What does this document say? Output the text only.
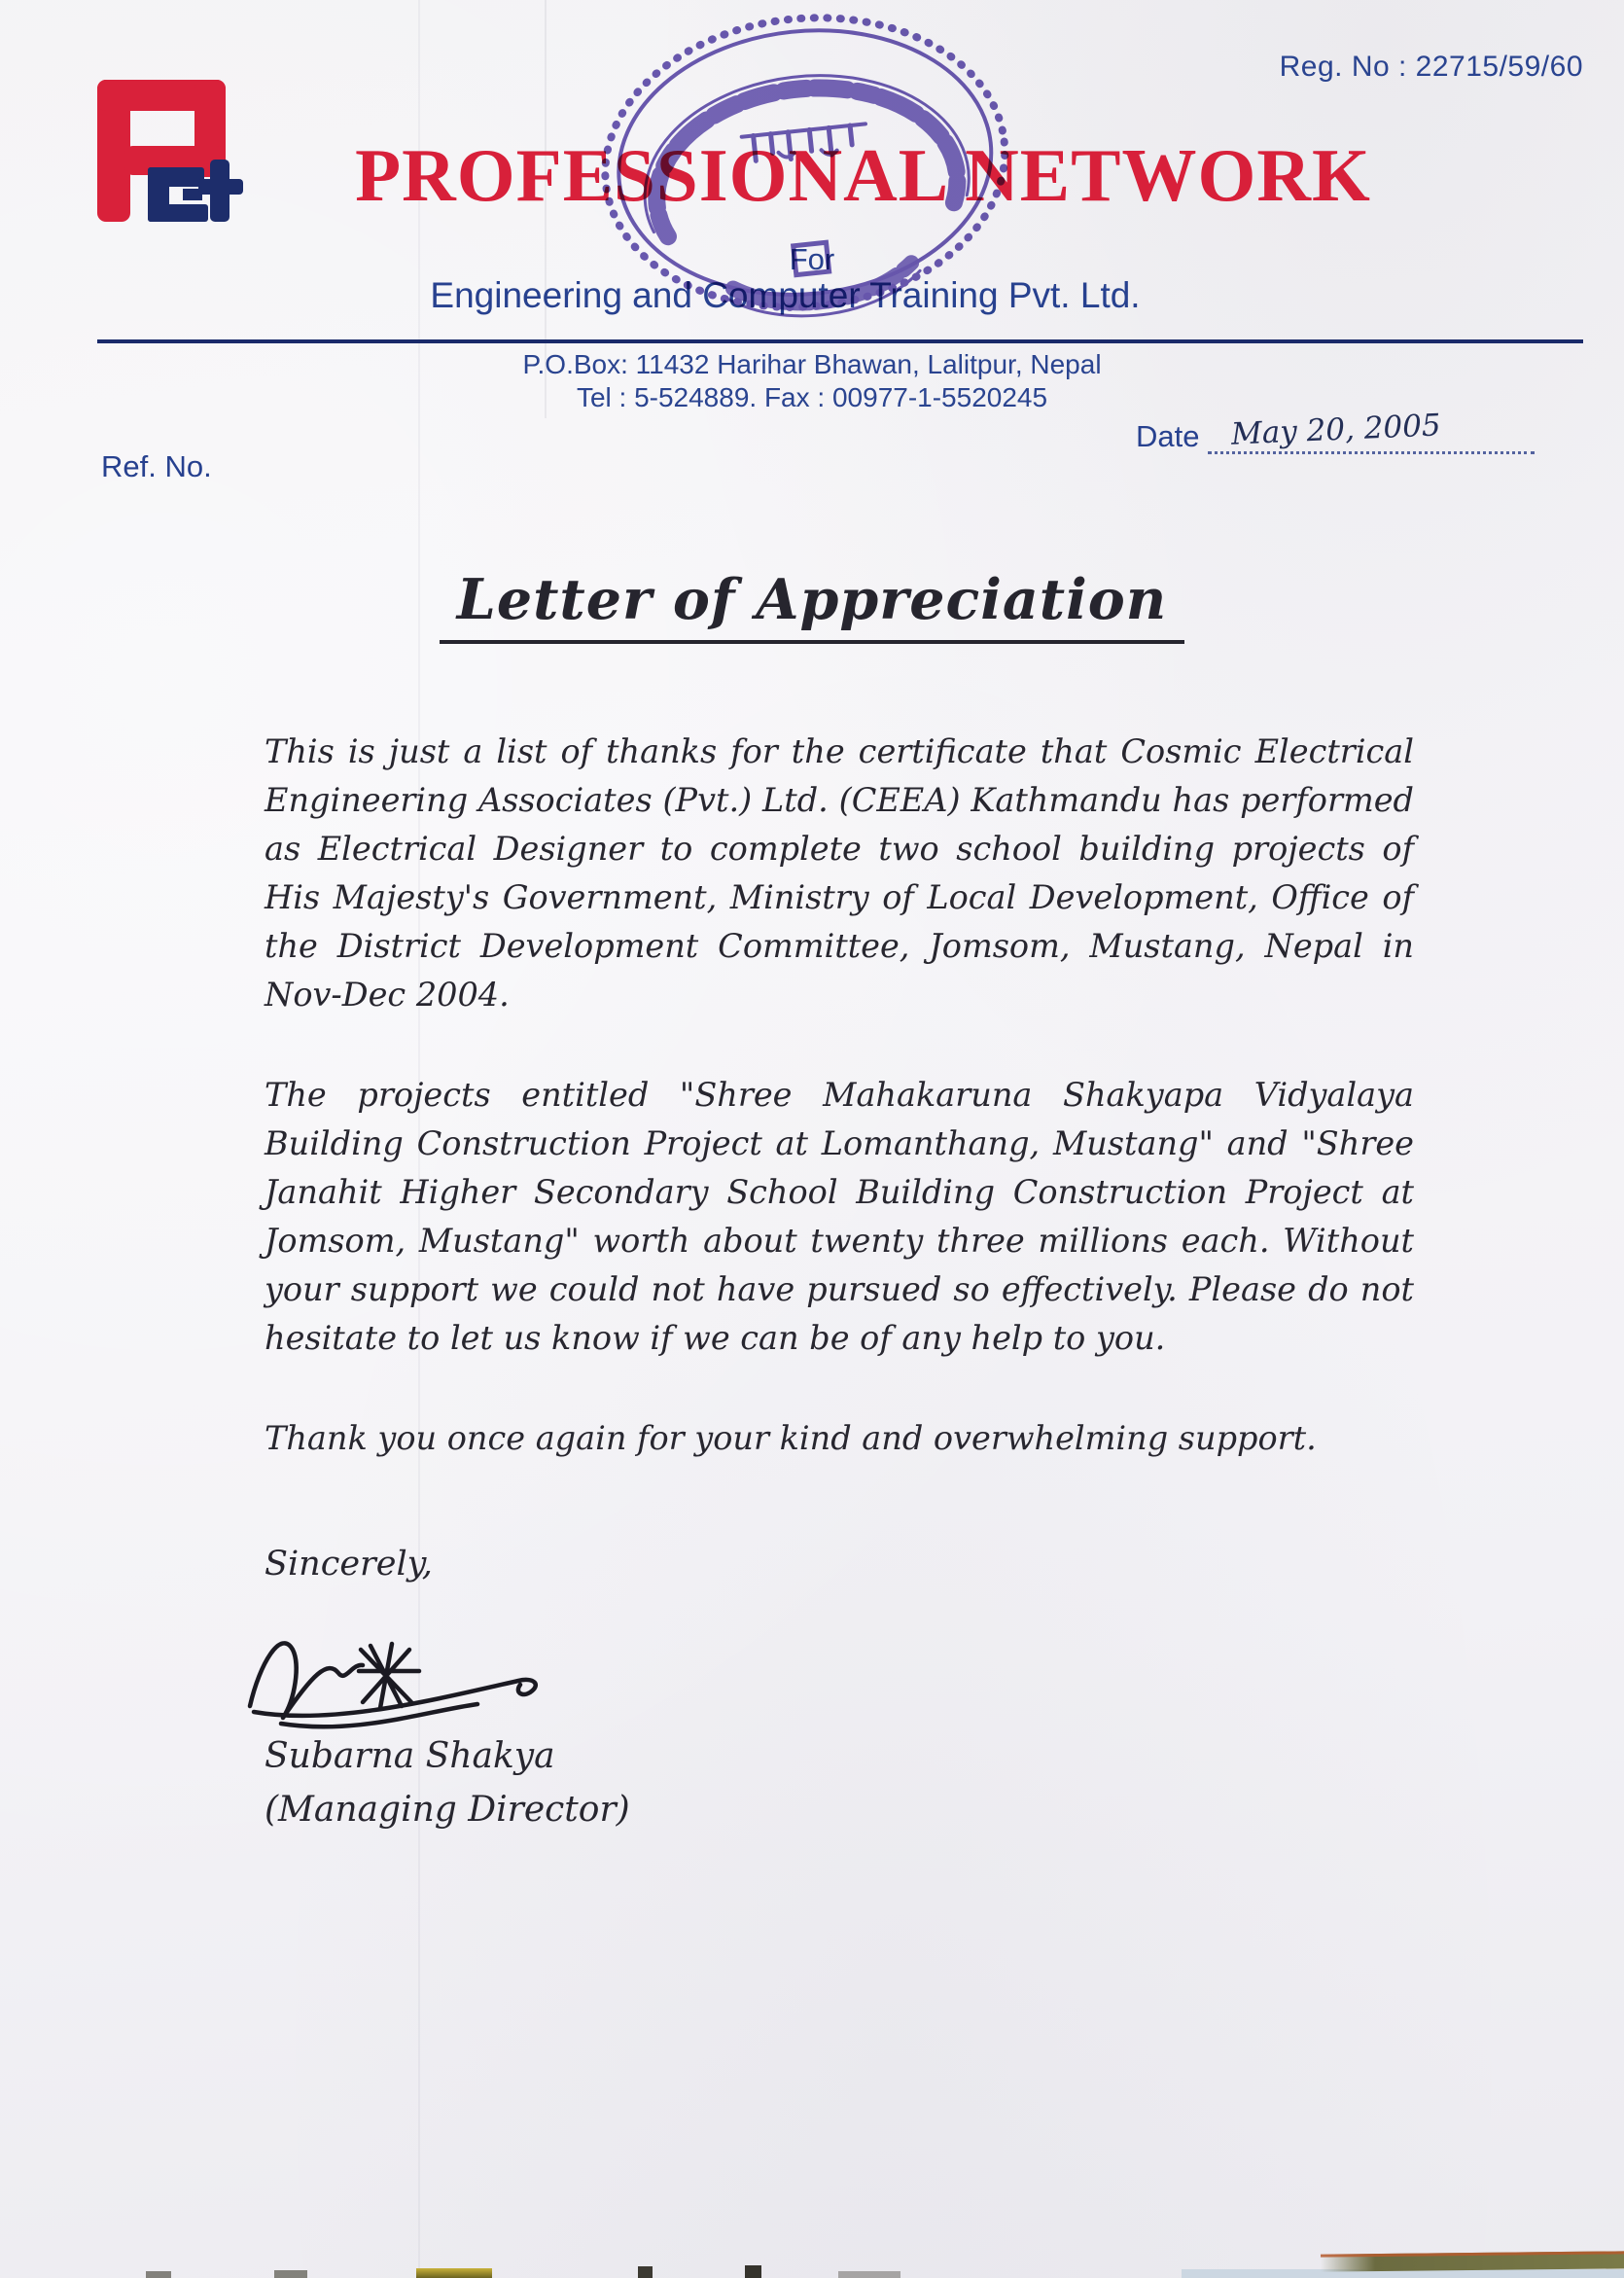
Reg. No : 22715/59/60
PROFESSIONAL NETWORK
For
Engineering and Computer Training Pvt. Ltd.
P.O.Box: 11432 Harihar Bhawan, Lalitpur, Nepal
Tel : 5-524889. Fax : 00977-1-5520245
Ref. No.
Date May 20, 2005
Letter of Appreciation

This is just a list of thanks for the certificate that Cosmic Electrical Engineering Associates (Pvt.) Ltd. (CEEA) Kathmandu has performed as Electrical Designer to complete two school building projects of His Majesty's Government, Ministry of Local Development, Office of the District Development Committee, Jomsom, Mustang, Nepal in Nov-Dec 2004.

The projects entitled "Shree Mahakaruna Shakyapa Vidyalaya Building Construction Project at Lomanthang, Mustang" and "Shree Janahit Higher Secondary School Building Construction Project at Jomsom, Mustang" worth about twenty three millions each. Without your support we could not have pursued so effectively. Please do not hesitate to let us know if we can be of any help to you.

Thank you once again for your kind and overwhelming support.

Sincerely,
Subarna Shakya
(Managing Director)
